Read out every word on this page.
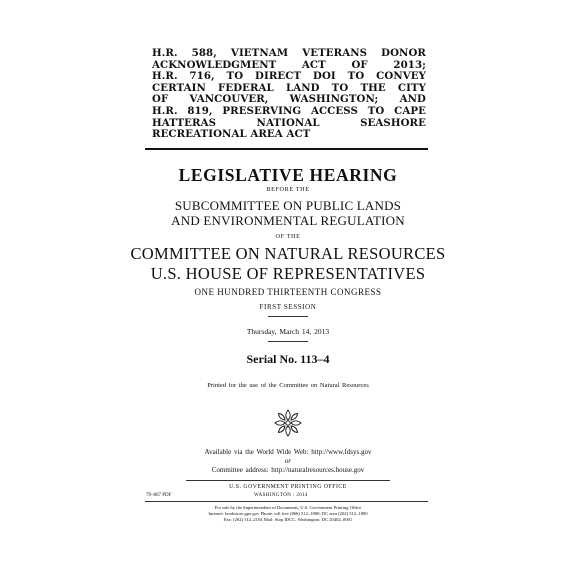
H.R. 588, VIETNAM VETERANS DONOR
ACKNOWLEDGMENT ACT OF 2013;
H.R. 716, TO DIRECT DOI TO CONVEY
CERTAIN FEDERAL LAND TO THE CITY
OF VANCOUVER, WASHINGTON; AND
H.R. 819, PRESERVING ACCESS TO CAPE
HATTERAS NATIONAL SEASHORE
RECREATIONAL AREA ACT
LEGISLATIVE HEARING
BEFORE THE
SUBCOMMITTEE ON PUBLIC LANDS
AND ENVIRONMENTAL REGULATION
OF THE
COMMITTEE ON NATURAL RESOURCES
U.S. HOUSE OF REPRESENTATIVES
ONE HUNDRED THIRTEENTH CONGRESS
FIRST SESSION
Thursday, March 14, 2013
Serial No. 113–4
Printed for the use of the Committee on Natural Resources
Available via the World Wide Web: http://www.fdsys.gov
or
Committee address: http://naturalresources.house.gov
U.S. GOVERNMENT PRINTING OFFICE
79–867 PDF	WASHINGTON : 2014
For sale by the Superintendent of Documents, U.S. Government Printing Office
Internet: bookstore.gpo.gov Phone: toll free (866) 512–1800; DC area (202) 512–1800
Fax: (202) 512–2104 Mail: Stop IDCC, Washington, DC 20402–0001
